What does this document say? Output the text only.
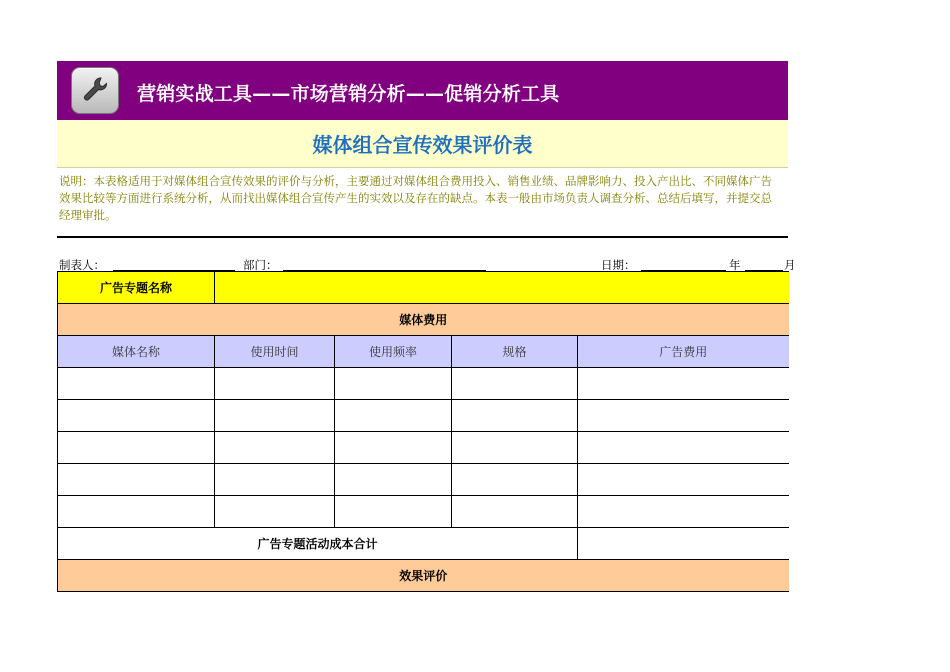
营销实战工具——市场营销分析——促销分析工具
媒体组合宣传效果评价表
说明：本表格适用于对媒体组合宣传效果的评价与分析，主要通过对媒体组合费用投入、销售业绩、品牌影响力、投入产出比、不同媒体广告效果比较等方面进行系统分析，从而找出媒体组合宣传产生的实效以及存在的缺点。本表一般由市场负责人调查分析、总结后填写，并提交总经理审批。
制表人：	部门：	日期：	年	月
广告专题名称				
媒体费用				
媒体名称	使用时间	使用频率	规格	广告费用

广告专题活动成本合计				
效果评价				
